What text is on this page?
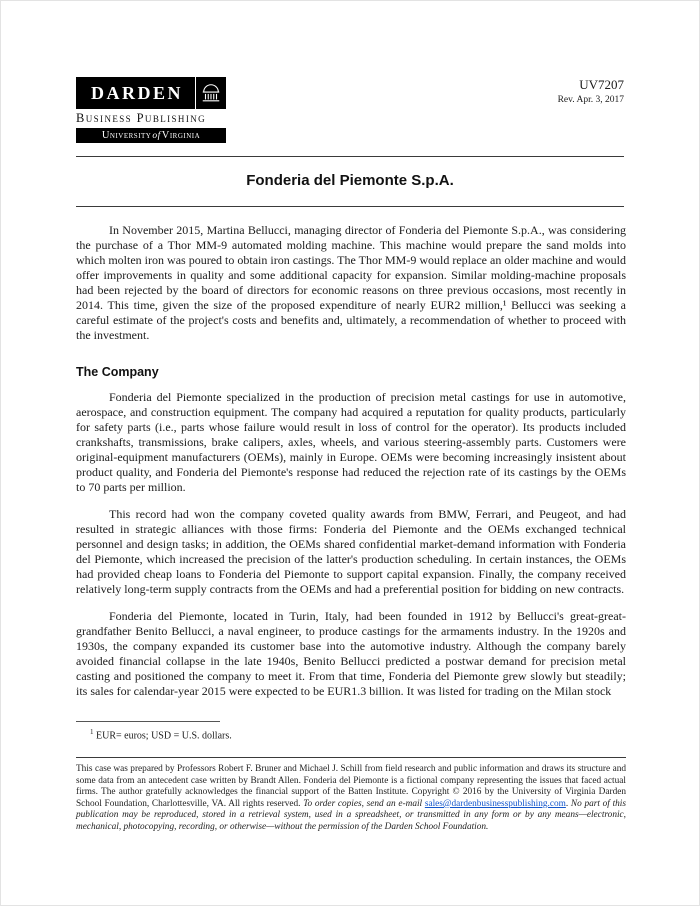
DARDEN
Business Publishing
University of Virginia
UV7207
Rev. Apr. 3, 2017
Fonderia del Piemonte S.p.A.

In November 2015, Martina Bellucci, managing director of Fonderia del Piemonte S.p.A., was considering the purchase of a Thor MM-9 automated molding machine. This machine would prepare the sand molds into which molten iron was poured to obtain iron castings. The Thor MM-9 would replace an older machine and would offer improvements in quality and some additional capacity for expansion. Similar molding-machine proposals had been rejected by the board of directors for economic reasons on three previous occasions, most recently in 2014. This time, given the size of the proposed expenditure of nearly EUR2 million,¹ Bellucci was seeking a careful estimate of the project's costs and benefits and, ultimately, a recommendation of whether to proceed with the investment.

The Company

Fonderia del Piemonte specialized in the production of precision metal castings for use in automotive, aerospace, and construction equipment. The company had acquired a reputation for quality products, particularly for safety parts (i.e., parts whose failure would result in loss of control for the operator). Its products included crankshafts, transmissions, brake calipers, axles, wheels, and various steering-assembly parts. Customers were original-equipment manufacturers (OEMs), mainly in Europe. OEMs were becoming increasingly insistent about product quality, and Fonderia del Piemonte's response had reduced the rejection rate of its castings by the OEMs to 70 parts per million.

This record had won the company coveted quality awards from BMW, Ferrari, and Peugeot, and had resulted in strategic alliances with those firms: Fonderia del Piemonte and the OEMs exchanged technical personnel and design tasks; in addition, the OEMs shared confidential market-demand information with Fonderia del Piemonte, which increased the precision of the latter's production scheduling. In certain instances, the OEMs had provided cheap loans to Fonderia del Piemonte to support capital expansion. Finally, the company received relatively long-term supply contracts from the OEMs and had a preferential position for bidding on new contracts.

Fonderia del Piemonte, located in Turin, Italy, had been founded in 1912 by Bellucci's great-great-grandfather Benito Bellucci, a naval engineer, to produce castings for the armaments industry. In the 1920s and 1930s, the company expanded its customer base into the automotive industry. Although the company barely avoided financial collapse in the late 1940s, Benito Bellucci predicted a postwar demand for precision metal casting and positioned the company to meet it. From that time, Fonderia del Piemonte grew slowly but steadily; its sales for calendar-year 2015 were expected to be EUR1.3 billion. It was listed for trading on the Milan stock

$^1$ EUR= euros; USD = U.S. dollars.
This case was prepared by Professors Robert F. Bruner and Michael J. Schill from field research and public information and draws its structure and some data from an antecedent case written by Brandt Allen. Fonderia del Piemonte is a fictional company representing the issues that faced actual firms. The author gratefully acknowledges the financial support of the Batten Institute. Copyright © 2016 by the University of Virginia Darden School Foundation, Charlottesville, VA. All rights reserved. To order copies, send an e-mail sales@dardenbusinesspublishing.com. No part of this publication may be reproduced, stored in a retrieval system, used in a spreadsheet, or transmitted in any form or by any means—electronic, mechanical, photocopying, recording, or otherwise—without the permission of the Darden School Foundation.
